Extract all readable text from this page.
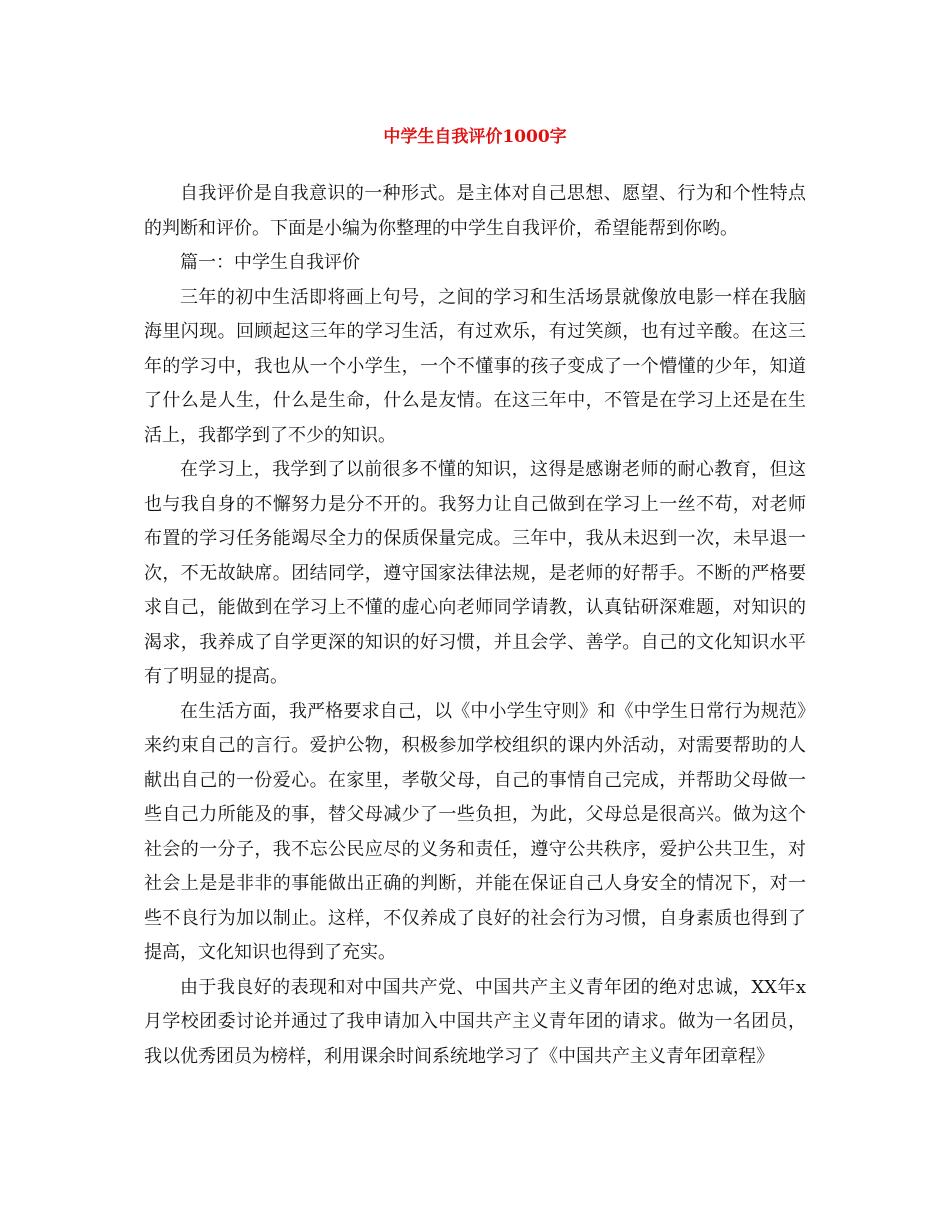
中学生自我评价1000字

自我评价是自我意识的一种形式。是主体对自己思想、愿望、行为和个性特点的判断和评价。下面是小编为你整理的中学生自我评价，希望能帮到你哟。

篇一：中学生自我评价

三年的初中生活即将画上句号，之间的学习和生活场景就像放电影一样在我脑海里闪现。回顾起这三年的学习生活，有过欢乐，有过笑颜，也有过辛酸。在这三年的学习中，我也从一个小学生，一个不懂事的孩子变成了一个懵懂的少年，知道了什么是人生，什么是生命，什么是友情。在这三年中，不管是在学习上还是在生活上，我都学到了不少的知识。

在学习上，我学到了以前很多不懂的知识，这得是感谢老师的耐心教育，但这也与我自身的不懈努力是分不开的。我努力让自己做到在学习上一丝不苟，对老师布置的学习任务能竭尽全力的保质保量完成。三年中，我从未迟到一次，未早退一次，不无故缺席。团结同学，遵守国家法律法规，是老师的好帮手。不断的严格要求自己，能做到在学习上不懂的虚心向老师同学请教，认真钻研深难题，对知识的渴求，我养成了自学更深的知识的好习惯，并且会学、善学。自己的文化知识水平有了明显的提高。

在生活方面，我严格要求自己，以《中小学生守则》和《中学生日常行为规范》来约束自己的言行。爱护公物，积极参加学校组织的课内外活动，对需要帮助的人献出自己的一份爱心。在家里，孝敬父母，自己的事情自己完成，并帮助父母做一些自己力所能及的事，替父母减少了一些负担，为此，父母总是很高兴。做为这个社会的一分子，我不忘公民应尽的义务和责任，遵守公共秩序，爱护公共卫生，对社会上是是非非的事能做出正确的判断，并能在保证自己人身安全的情况下，对一些不良行为加以制止。这样，不仅养成了良好的社会行为习惯，自身素质也得到了提高，文化知识也得到了充实。

由于我良好的表现和对中国共产党、中国共产主义青年团的绝对忠诚，XX年x月学校团委讨论并通过了我申请加入中国共产主义青年团的请求。做为一名团员，我以优秀团员为榜样，利用课余时间系统地学习了《中国共产主义青年团章程》
